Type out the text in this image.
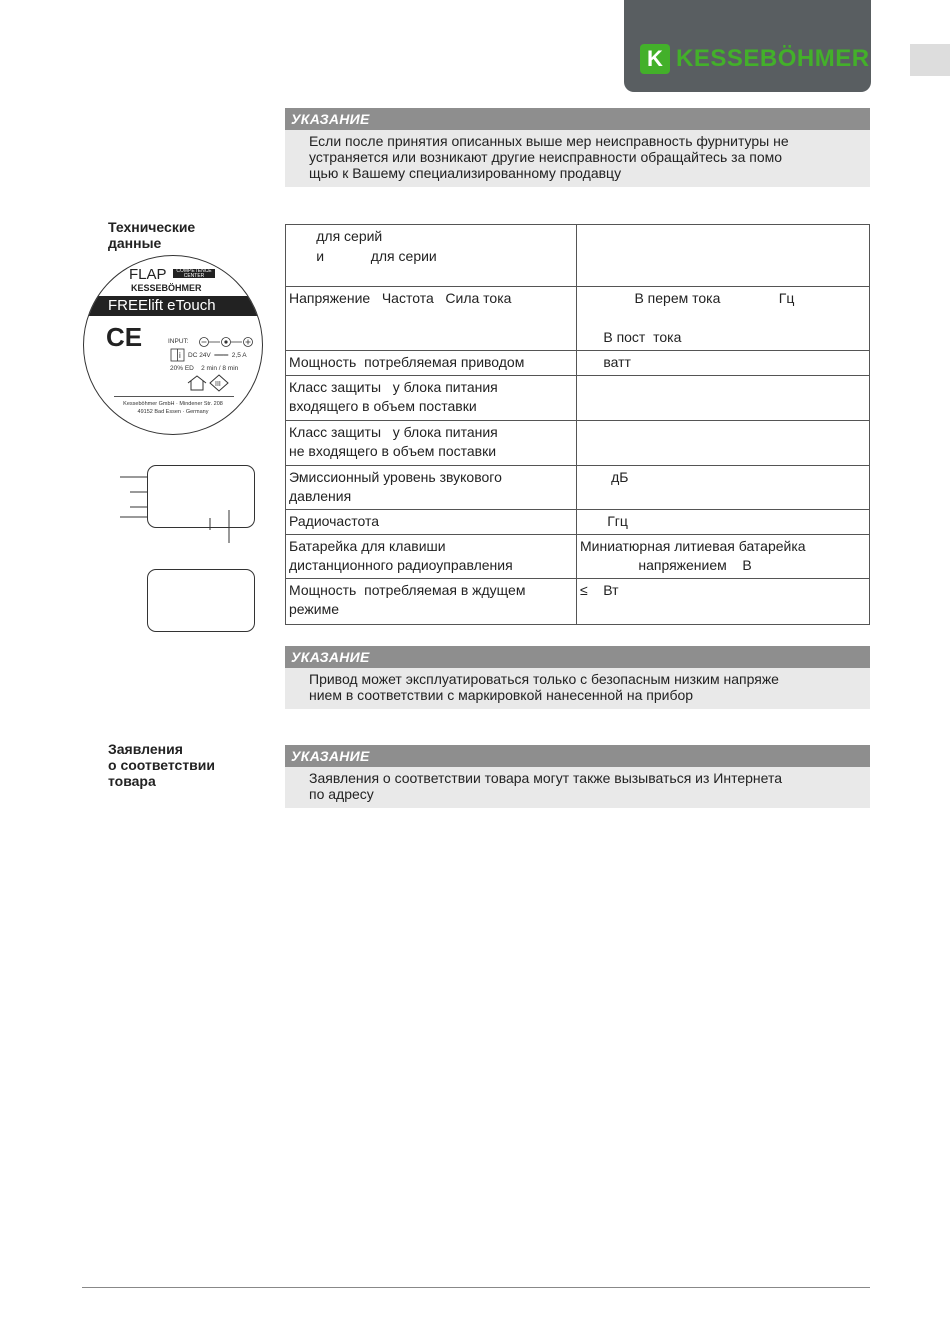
K KESSEBÖHMER
УКАЗАНИЕ
Если после принятия описанных выше мер неисправность фурнитуры не
устраняется или возникают другие неисправности обращайтесь за помо
щью к Вашему специализированному продавцу
Технические
данные
FLAP	COMPETENCE CENTER
KESSEBÖHMER
FREElift eTouch
CE	INPUT:
i DC 24V  ═══  2,5 A
20% ED    2 min / 8 min
III
Kesseböhmer GmbH · Mindener Str. 208
49152 Bad Essen · Germany
для серий
и            для серии	

Напряжение   Частота   Сила тока	В перем тока               Гц
В пост  тока

Мощность  потребляемая приводом	ватт

Класс защиты   у блока питания
входящего в объем поставки	

Класс защиты   у блока питания
не входящего в объем поставки	

Эмиссионный уровень звукового
давления	дБ

Радиочастота	Ггц

Батарейка для клавиши
дистанционного радиоуправления	Миниатюрная литиевая батарейка
напряжением    В

Мощность  потребляемая в ждущем
режиме	≤    Вт
УКАЗАНИЕ
Привод может эксплуатироваться только с безопасным низким напряже
нием в соответствии с маркировкой нанесенной на прибор
Заявления
о соответствии
товара
УКАЗАНИЕ
Заявления о соответствии товара могут также вызываться из Интернета
по адресу
